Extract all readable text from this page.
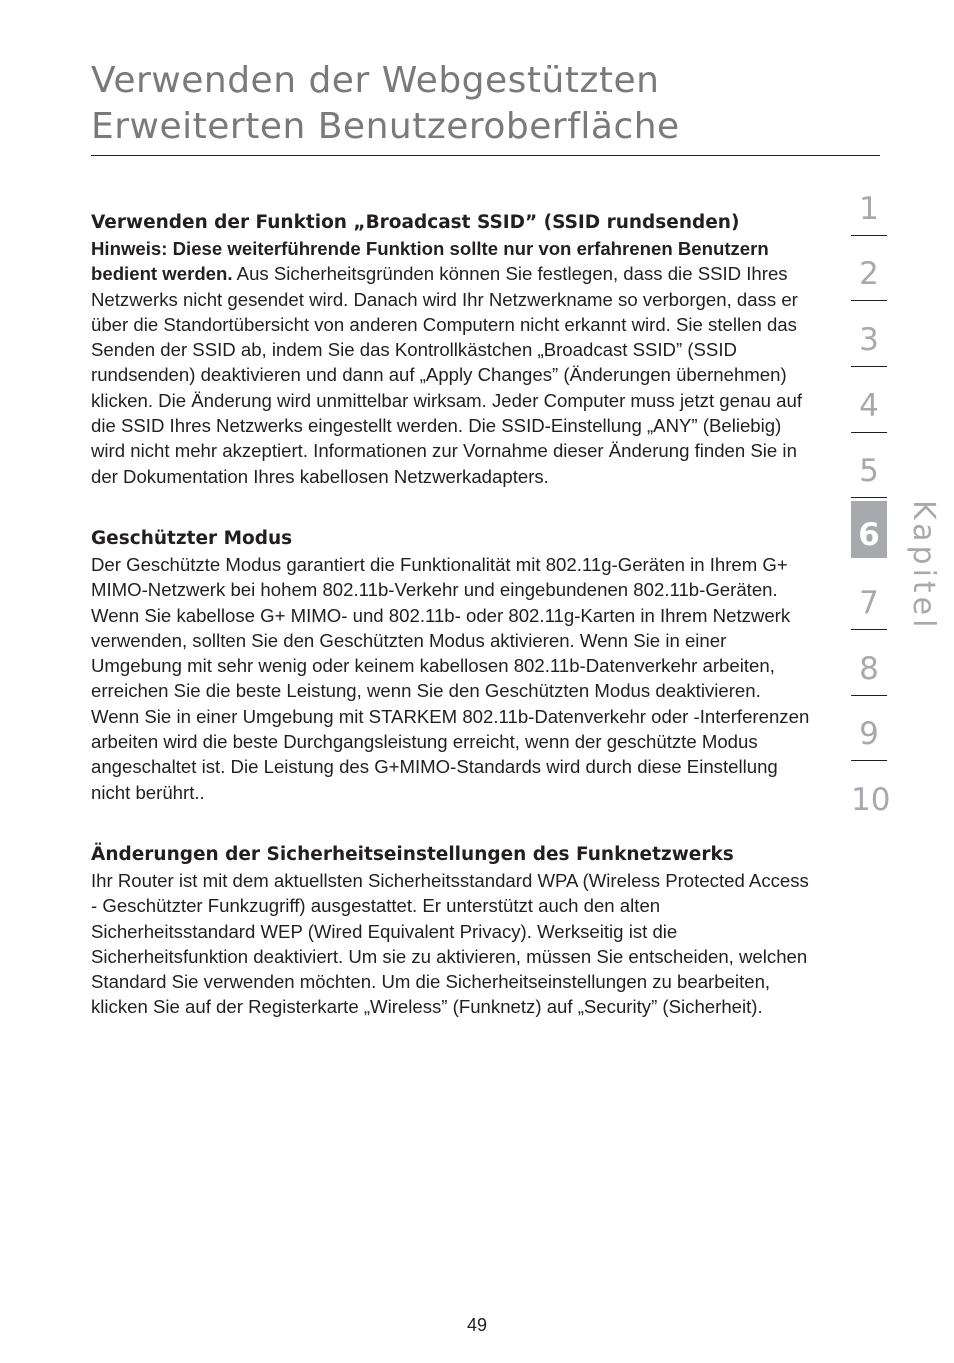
Verwenden der Webgestützten Erweiterten Benutzeroberfläche
Verwenden der Funktion „Broadcast SSID” (SSID rundsenden)

Hinweis: Diese weiterführende Funktion sollte nur von erfahrenen Benutzern bedient werden. Aus Sicherheitsgründen können Sie festlegen, dass die SSID Ihres Netzwerks nicht gesendet wird. Danach wird Ihr Netzwerkname so verborgen, dass er über die Standortübersicht von anderen Computern nicht erkannt wird. Sie stellen das Senden der SSID ab, indem Sie das Kontrollkästchen „Broadcast SSID” (SSID rundsenden) deaktivieren und dann auf „Apply Changes” (Änderungen übernehmen) klicken. Die Änderung wird unmittelbar wirksam. Jeder Computer muss jetzt genau auf die SSID Ihres Netzwerks eingestellt werden. Die SSID-Einstellung „ANY” (Beliebig) wird nicht mehr akzeptiert. Informationen zur Vornahme dieser Änderung finden Sie in der Dokumentation Ihres kabellosen Netzwerkadapters.

Geschützter Modus

Der Geschützte Modus garantiert die Funktionalität mit 802.11g-Geräten in Ihrem G+ MIMO-Netzwerk bei hohem 802.11b-Verkehr und eingebundenen 802.11b-Geräten. Wenn Sie kabellose G+ MIMO- und 802.11b- oder 802.11g-Karten in Ihrem Netzwerk verwenden, sollten Sie den Geschützten Modus aktivieren. Wenn Sie in einer Umgebung mit sehr wenig oder keinem kabellosen 802.11b-Datenverkehr arbeiten, erreichen Sie die beste Leistung, wenn Sie den Geschützten Modus deaktivieren. Wenn Sie in einer Umgebung mit STARKEM 802.11b-Datenverkehr oder -Interferenzen arbeiten wird die beste Durchgangsleistung erreicht, wenn der geschützte Modus angeschaltet ist. Die Leistung des G+MIMO-Standards wird durch diese Einstellung nicht berührt..

Änderungen der Sicherheitseinstellungen des Funknetzwerks

Ihr Router ist mit dem aktuellsten Sicherheitsstandard WPA (Wireless Protected Access - Geschützter Funkzugriff) ausgestattet. Er unterstützt auch den alten Sicherheitsstandard WEP (Wired Equivalent Privacy). Werkseitig ist die Sicherheitsfunktion deaktiviert. Um sie zu aktivieren, müssen Sie entscheiden, welchen Standard Sie verwenden möchten. Um die Sicherheitseinstellungen zu bearbeiten, klicken Sie auf der Registerkarte „Wireless” (Funknetz) auf „Security” (Sicherheit).

1
2
3
4
5
6
7
8
9
10
Kapitel
49
